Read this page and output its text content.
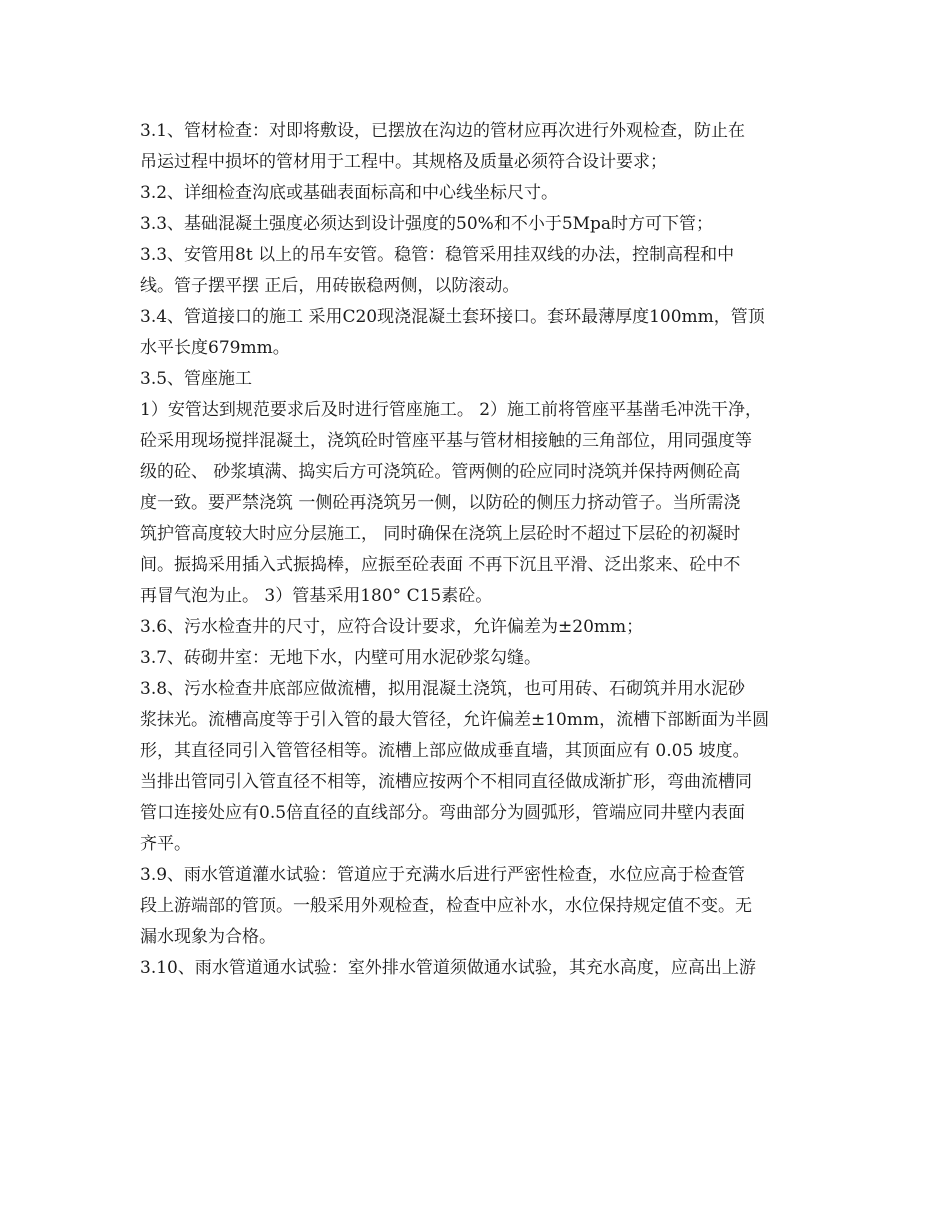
3.1、管材检查：对即将敷设，已摆放在沟边的管材应再次进行外观检查，防止在
吊运过程中损坏的管材用于工程中。其规格及质量必须符合设计要求；

3.2、详细检查沟底或基础表面标高和中心线坐标尺寸。

3.3、基础混凝土强度必须达到设计强度的50%和不小于5Mpa时方可下管；

3.3、安管用8t 以上的吊车安管。稳管：稳管采用挂双线的办法，控制高程和中
线。管子摆平摆 正后，用砖嵌稳两侧，以防滚动。

3.4、管道接口的施工 采用C20现浇混凝土套环接口。套环最薄厚度100mm，管顶
水平长度679mm。

3.5、管座施工

1）安管达到规范要求后及时进行管座施工。 2）施工前将管座平基凿毛冲洗干净，
砼采用现场搅拌混凝土，浇筑砼时管座平基与管材相接触的三角部位，用同强度等
级的砼、 砂浆填满、捣实后方可浇筑砼。管两侧的砼应同时浇筑并保持两侧砼高
度一致。要严禁浇筑 一侧砼再浇筑另一侧，以防砼的侧压力挤动管子。当所需浇
筑护管高度较大时应分层施工， 同时确保在浇筑上层砼时不超过下层砼的初凝时
间。振捣采用插入式振捣棒，应振至砼表面 不再下沉且平滑、泛出浆来、砼中不
再冒气泡为止。 3）管基采用180° C15素砼。

3.6、污水检查井的尺寸，应符合设计要求，允许偏差为±20mm；

3.7、砖砌井室：无地下水，内壁可用水泥砂浆勾缝。

3.8、污水检查井底部应做流槽，拟用混凝土浇筑，也可用砖、石砌筑并用水泥砂
浆抹光。流槽高度等于引入管的最大管径，允许偏差±10mm，流槽下部断面为半圆
形，其直径同引入管管径相等。流槽上部应做成垂直墙，其顶面应有 0.05 坡度。
当排出管同引入管直径不相等，流槽应按两个不相同直径做成渐扩形，弯曲流槽同
管口连接处应有0.5倍直径的直线部分。弯曲部分为圆弧形，管端应同井壁内表面
齐平。

3.9、雨水管道灌水试验：管道应于充满水后进行严密性检查，水位应高于检查管
段上游端部的管顶。一般采用外观检查，检查中应补水，水位保持规定值不变。无
漏水现象为合格。

3.10、雨水管道通水试验：室外排水管道须做通水试验，其充水高度，应高出上游
